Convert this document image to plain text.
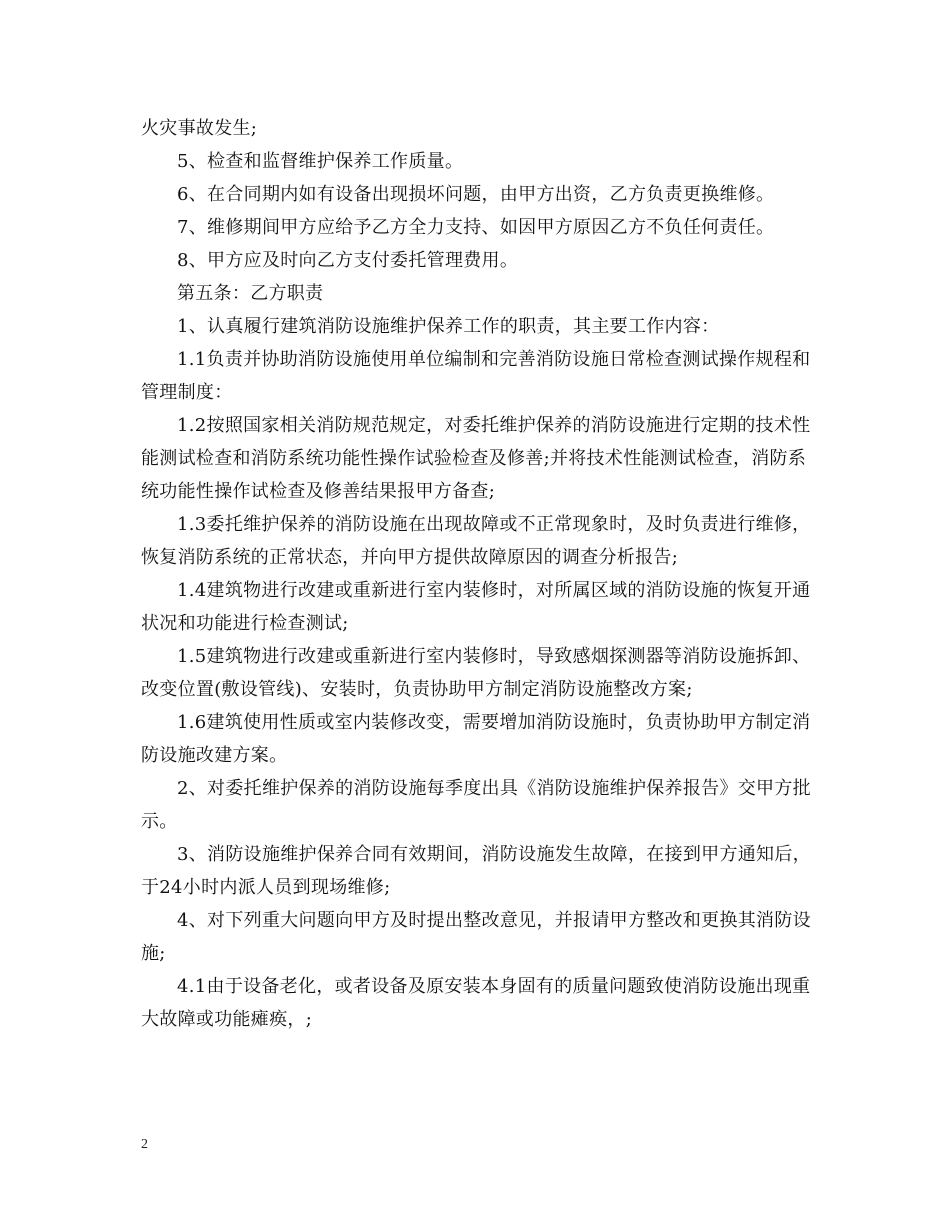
火灾事故发生;

5、检查和监督维护保养工作质量。

6、在合同期内如有设备出现损坏问题，由甲方出资，乙方负责更换维修。

7、维修期间甲方应给予乙方全力支持、如因甲方原因乙方不负任何责任。

8、甲方应及时向乙方支付委托管理费用。

第五条：乙方职责

1、认真履行建筑消防设施维护保养工作的职责，其主要工作内容：

1.1负责并协助消防设施使用单位编制和完善消防设施日常检查测试操作规程和管理制度：

1.2按照国家相关消防规范规定，对委托维护保养的消防设施进行定期的技术性能测试检查和消防系统功能性操作试验检查及修善;并将技术性能测试检查，消防系统功能性操作试检查及修善结果报甲方备查;

1.3委托维护保养的消防设施在出现故障或不正常现象时，及时负责进行维修，恢复消防系统的正常状态，并向甲方提供故障原因的调查分析报告;

1.4建筑物进行改建或重新进行室内装修时，对所属区域的消防设施的恢复开通状况和功能进行检查测试;

1.5建筑物进行改建或重新进行室内装修时，导致感烟探测器等消防设施拆卸、改变位置(敷设管线)、安装时，负责协助甲方制定消防设施整改方案;

1.6建筑使用性质或室内装修改变，需要增加消防设施时，负责协助甲方制定消防设施改建方案。

2、对委托维护保养的消防设施每季度出具《消防设施维护保养报告》交甲方批示。

3、消防设施维护保养合同有效期间，消防设施发生故障，在接到甲方通知后，于24小时内派人员到现场维修;

4、对下列重大问题向甲方及时提出整改意见，并报请甲方整改和更换其消防设施;

4.1由于设备老化，或者设备及原安装本身固有的质量问题致使消防设施出现重大故障或功能瘫痪，;

2
